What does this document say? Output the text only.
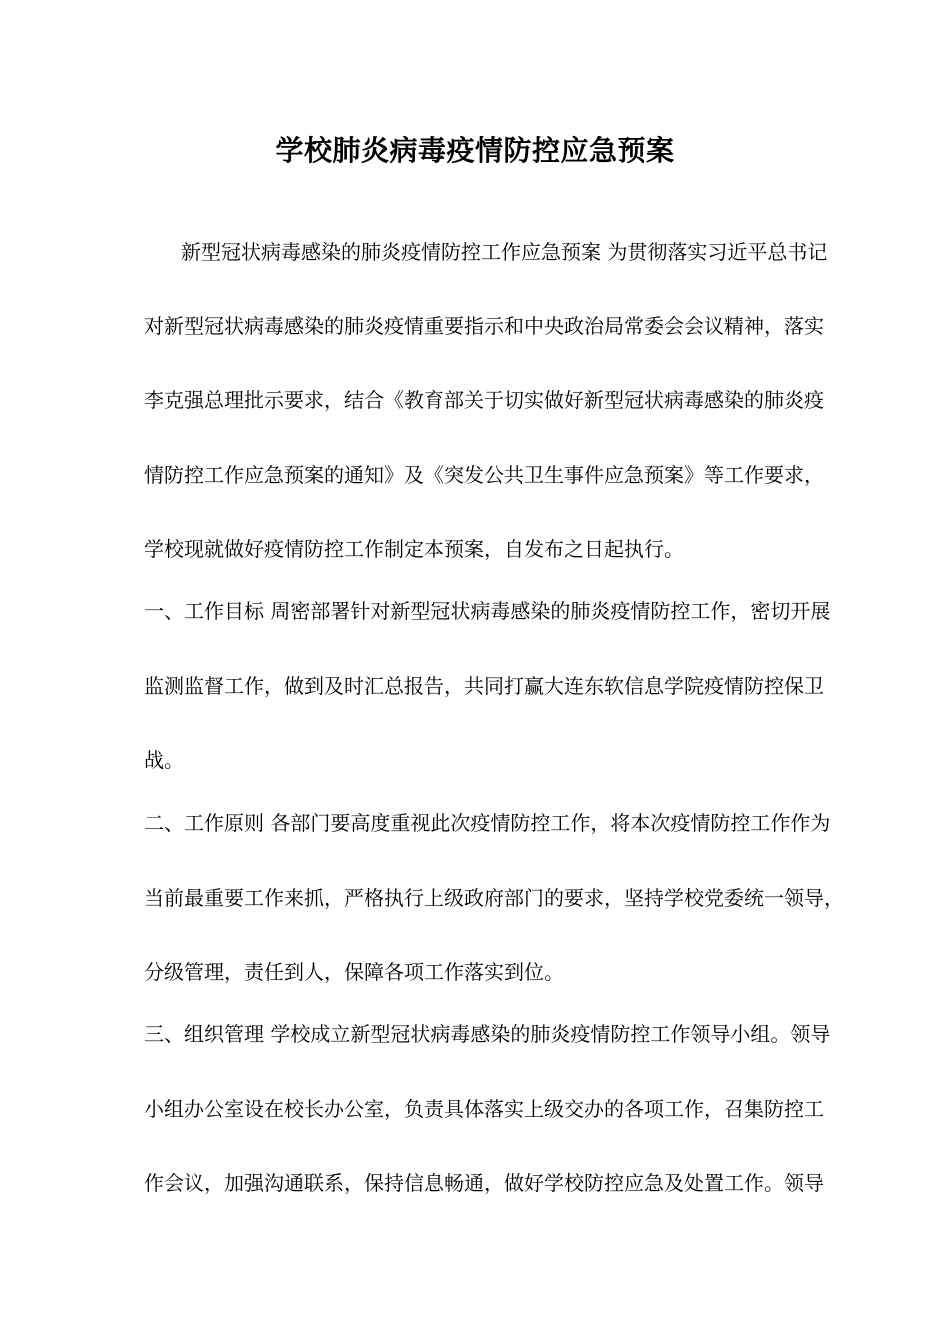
学校肺炎病毒疫情防控应急预案
新型冠状病毒感染的肺炎疫情防控工作应急预案 为贯彻落实习近平总书记
对新型冠状病毒感染的肺炎疫情重要指示和中央政治局常委会会议精神，落实
李克强总理批示要求，结合《教育部关于切实做好新型冠状病毒感染的肺炎疫
情防控工作应急预案的通知》及《突发公共卫生事件应急预案》等工作要求，
学校现就做好疫情防控工作制定本预案，自发布之日起执行。
一、工作目标 周密部署针对新型冠状病毒感染的肺炎疫情防控工作，密切开展
监测监督工作，做到及时汇总报告，共同打赢大连东软信息学院疫情防控保卫
战。
二、工作原则 各部门要高度重视此次疫情防控工作，将本次疫情防控工作作为
当前最重要工作来抓，严格执行上级政府部门的要求，坚持学校党委统一领导，
分级管理，责任到人，保障各项工作落实到位。
三、组织管理 学校成立新型冠状病毒感染的肺炎疫情防控工作领导小组。领导
小组办公室设在校长办公室，负责具体落实上级交办的各项工作，召集防控工
作会议，加强沟通联系，保持信息畅通，做好学校防控应急及处置工作。领导
